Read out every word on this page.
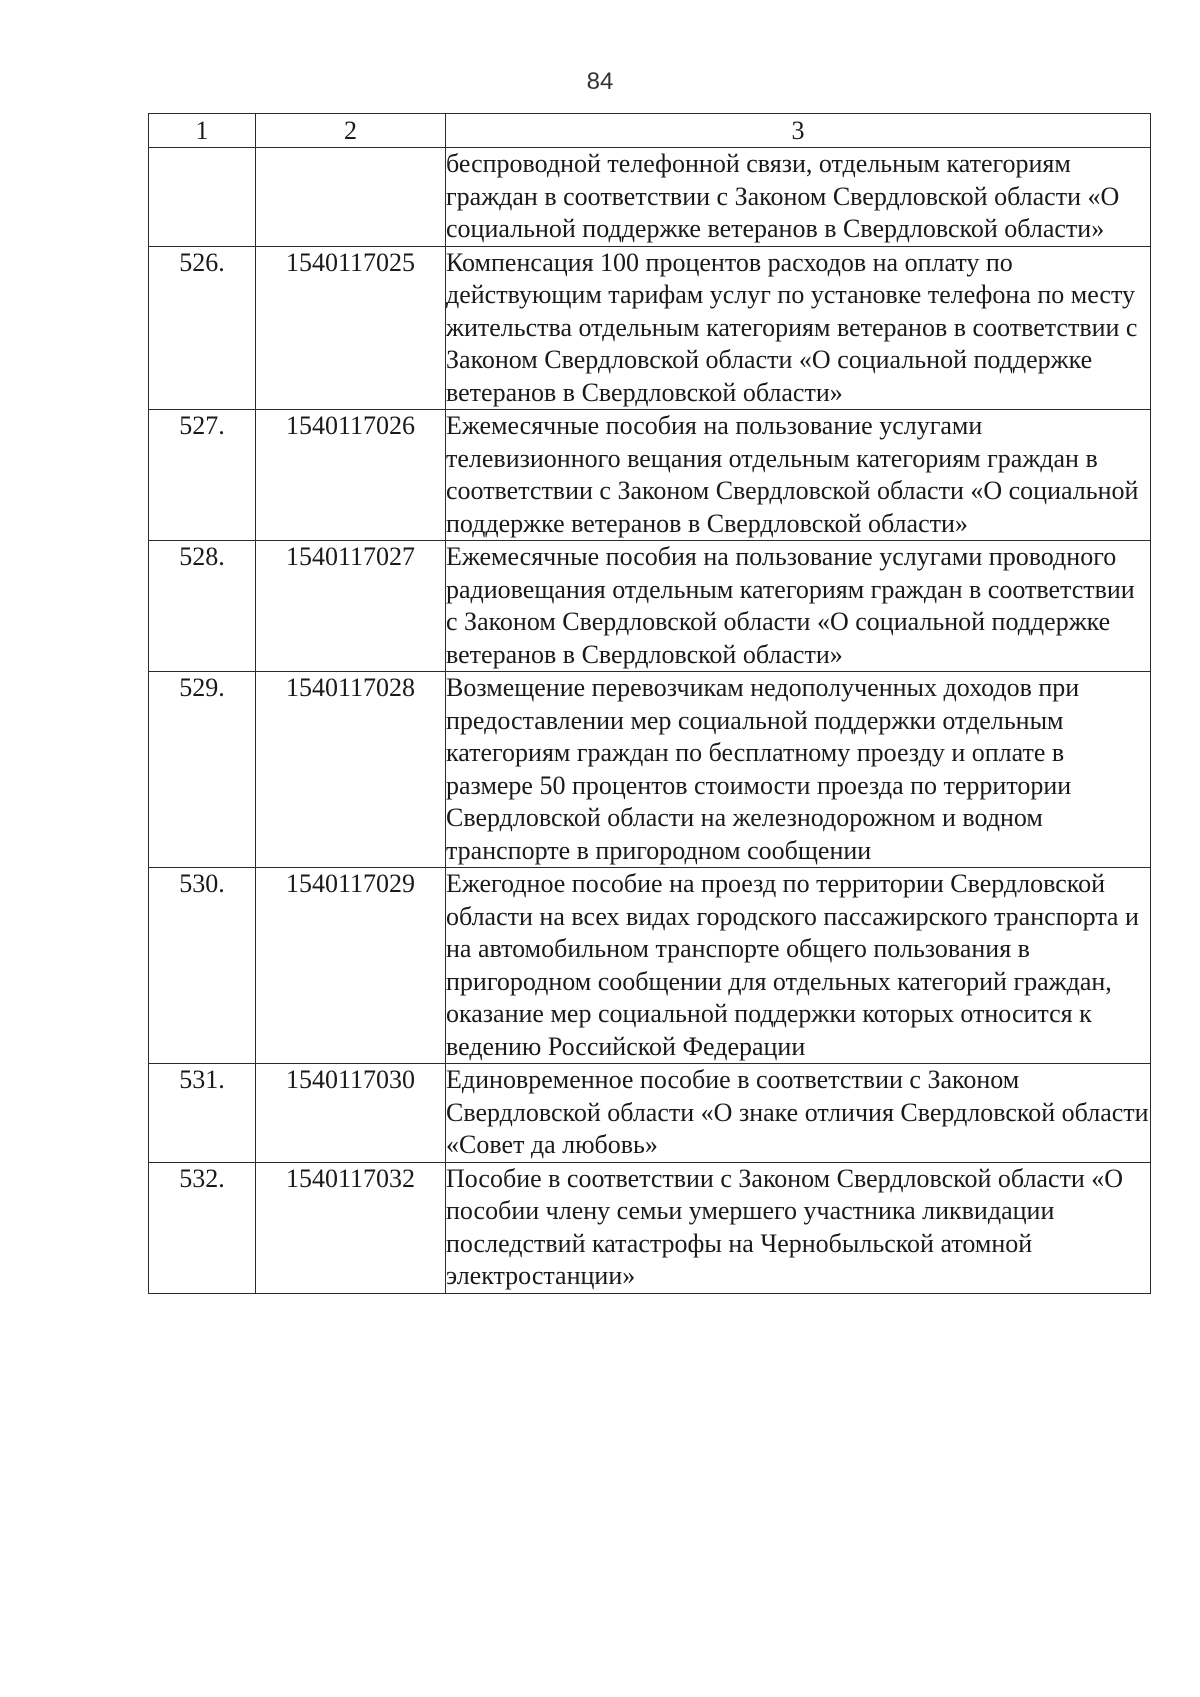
84
1	2	3
		беспроводной телефонной связи, отдельным категориям граждан в соответствии с Законом Свердловской области «О социальной поддержке ветеранов в Свердловской области»
526.	1540117025	Компенсация 100 процентов расходов на оплату по действующим тарифам услуг по установке телефона по месту жительства отдельным категориям ветеранов в соответствии с Законом Свердловской области «О социальной поддержке ветеранов в Свердловской области»
527.	1540117026	Ежемесячные пособия на пользование услугами телевизионного вещания отдельным категориям граждан в соответствии с Законом Свердловской области «О социальной поддержке ветеранов в Свердловской области»
528.	1540117027	Ежемесячные пособия на пользование услугами проводного радиовещания отдельным категориям граждан в соответствии с Законом Свердловской области «О социальной поддержке ветеранов в Свердловской области»
529.	1540117028	Возмещение перевозчикам недополученных доходов при предоставлении мер социальной поддержки отдельным категориям граждан по бесплатному проезду и оплате в размере 50 процентов стоимости проезда по территории Свердловской области на железнодорожном и водном транспорте в пригородном сообщении
530.	1540117029	Ежегодное пособие на проезд по территории Свердловской области на всех видах городского пассажирского транспорта и на автомобильном транспорте общего пользования в пригородном сообщении для отдельных категорий граждан, оказание мер социальной поддержки которых относится к ведению Российской Федерации
531.	1540117030	Единовременное пособие в соответствии с Законом Свердловской области «О знаке отличия Свердловской области «Совет да любовь»
532.	1540117032	Пособие в соответствии с Законом Свердловской области «О пособии члену семьи умершего участника ликвидации последствий катастрофы на Чернобыльской атомной электростанции»
